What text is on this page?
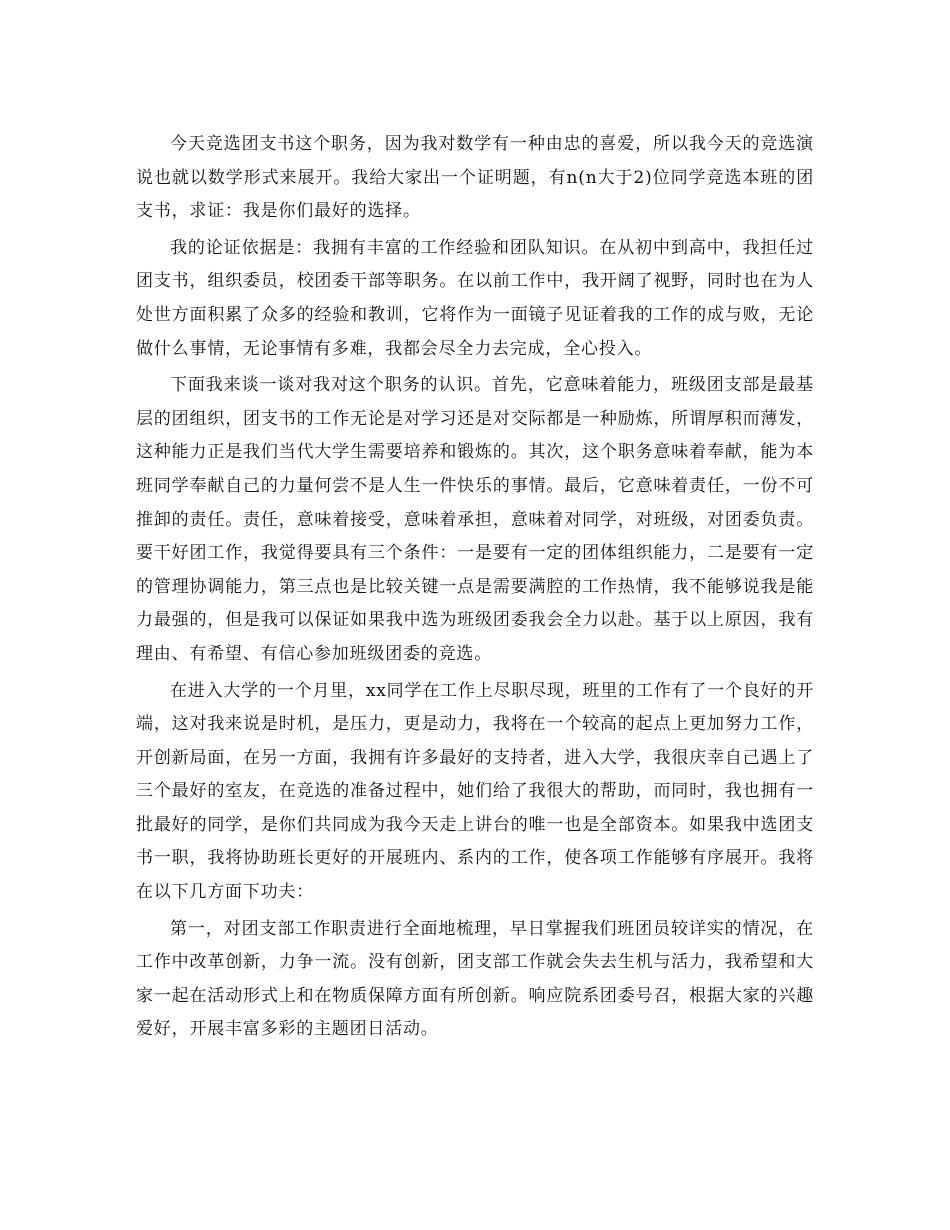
今天竞选团支书这个职务，因为我对数学有一种由忠的喜爱，所以我今天的竞选演说也就以数学形式来展开。我给大家出一个证明题，有n(n大于2)位同学竞选本班的团支书，求证：我是你们最好的选择。

我的论证依据是：我拥有丰富的工作经验和团队知识。在从初中到高中，我担任过团支书，组织委员，校团委干部等职务。在以前工作中，我开阔了视野，同时也在为人处世方面积累了众多的经验和教训，它将作为一面镜子见证着我的工作的成与败，无论做什么事情，无论事情有多难，我都会尽全力去完成，全心投入。

下面我来谈一谈对我对这个职务的认识。首先，它意味着能力，班级团支部是最基层的团组织，团支书的工作无论是对学习还是对交际都是一种励炼，所谓厚积而薄发，这种能力正是我们当代大学生需要培养和锻炼的。其次，这个职务意味着奉献，能为本班同学奉献自己的力量何尝不是人生一件快乐的事情。最后，它意味着责任，一份不可推卸的责任。责任，意味着接受，意味着承担，意味着对同学，对班级，对团委负责。要干好团工作，我觉得要具有三个条件：一是要有一定的团体组织能力，二是要有一定的管理协调能力，第三点也是比较关键一点是需要满腔的工作热情，我不能够说我是能力最强的，但是我可以保证如果我中选为班级团委我会全力以赴。基于以上原因，我有理由、有希望、有信心参加班级团委的竞选。

在进入大学的一个月里，xx同学在工作上尽职尽现，班里的工作有了一个良好的开端，这对我来说是时机，是压力，更是动力，我将在一个较高的起点上更加努力工作，开创新局面，在另一方面，我拥有许多最好的支持者，进入大学，我很庆幸自己遇上了三个最好的室友，在竞选的准备过程中，她们给了我很大的帮助，而同时，我也拥有一批最好的同学，是你们共同成为我今天走上讲台的唯一也是全部资本。如果我中选团支书一职，我将协助班长更好的开展班内、系内的工作，使各项工作能够有序展开。我将在以下几方面下功夫：

第一，对团支部工作职责进行全面地梳理，早日掌握我们班团员较详实的情况，在工作中改革创新，力争一流。没有创新，团支部工作就会失去生机与活力，我希望和大家一起在活动形式上和在物质保障方面有所创新。响应院系团委号召，根据大家的兴趣爱好，开展丰富多彩的主题团日活动。
